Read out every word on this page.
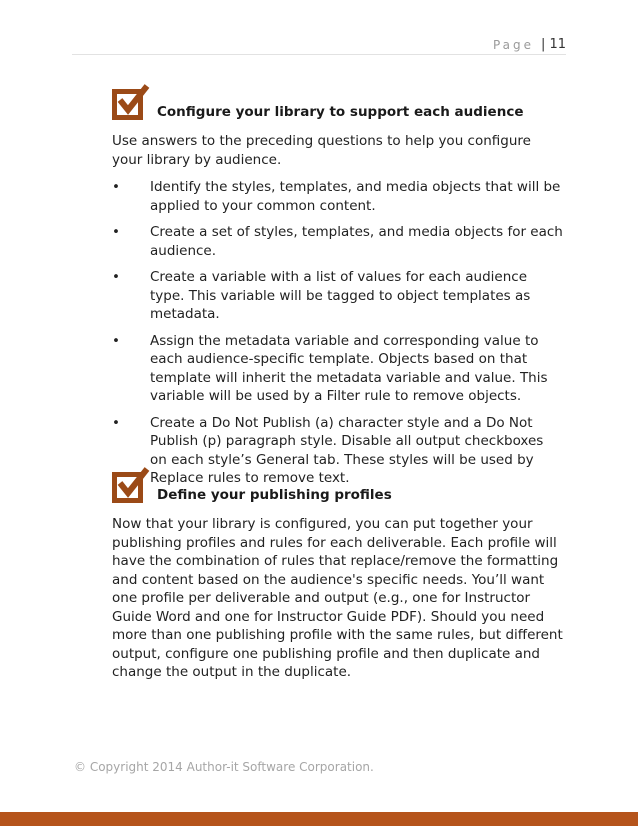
Page | 11
Configure your library to support each audience

Use answers to the preceding questions to help you configure your library by audience.

• Identify the styles, templates, and media objects that will be applied to your common content.
• Create a set of styles, templates, and media objects for each audience.
• Create a variable with a list of values for each audience type. This variable will be tagged to object templates as metadata.
• Assign the metadata variable and corresponding value to each audience-specific template. Objects based on that template will inherit the metadata variable and value. This variable will be used by a Filter rule to remove objects.
• Create a Do Not Publish (a) character style and a Do Not Publish (p) paragraph style. Disable all output checkboxes on each style’s General tab. These styles will be used by Replace rules to remove text.
Define your publishing profiles

Now that your library is configured, you can put together your publishing profiles and rules for each deliverable. Each profile will have the combination of rules that replace/remove the formatting and content based on the audience's specific needs. You’ll want one profile per deliverable and output (e.g., one for Instructor Guide Word and one for Instructor Guide PDF). Should you need more than one publishing profile with the same rules, but different output, configure one publishing profile and then duplicate and change the output in the duplicate.

© Copyright 2014 Author-it Software Corporation.
